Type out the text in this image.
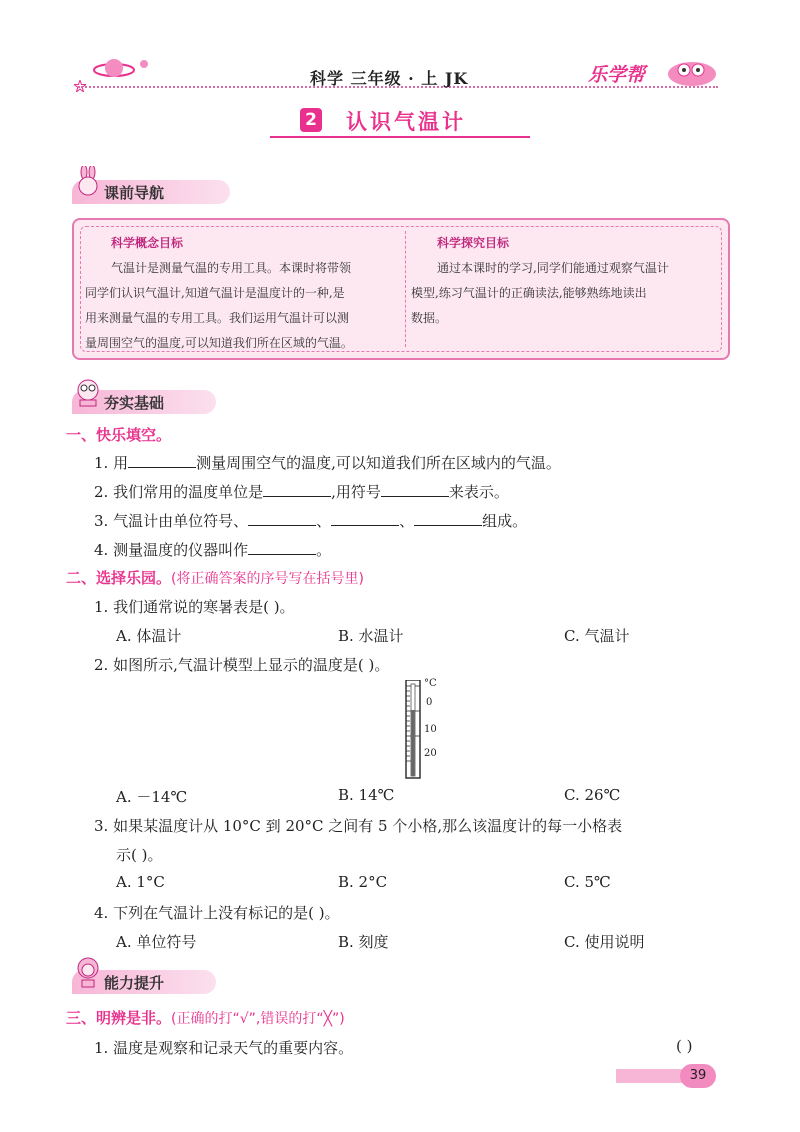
科学 三年级 · 上 JK	乐学帮
2 认识气温计
课前导航
科学概念目标
气温计是测量气温的专用工具。本课时将带领
同学们认识气温计,知道气温计是温度计的一种,是
用来测量气温的专用工具。我们运用气温计可以测
量周围空气的温度,可以知道我们所在区域的气温。
科学探究目标
通过本课时的学习,同学们能通过观察气温计
模型,练习气温计的正确读法,能够熟练地读出
数据。
夯实基础
一、快乐填空。
1. 用	测量周围空气的温度,可以知道我们所在区域内的气温。
2. 我们常用的温度单位是	,用符号	来表示。
3. 气温计由单位符号、	、	、	组成。
4. 测量温度的仪器叫作	。
二、选择乐园。(将正确答案的序号写在括号里)
1. 我们通常说的寒暑表是( )。
A. 体温计	B. 水温计	C. 气温计
2. 如图所示,气温计模型上显示的温度是( )。
°C
0
10
20
A. －14℃	B. 14℃	C. 26℃
3. 如果某温度计从 10°C 到 20°C 之间有 5 个小格,那么该温度计的每一小格表
示( )。
A. 1°C	B. 2°C	C. 5℃
4. 下列在气温计上没有标记的是( )。
A. 单位符号	B. 刻度	C. 使用说明
能力提升
三、明辨是非。(正确的打“√”,错误的打“╳”)
1. 温度是观察和记录天气的重要内容。	( )
39
